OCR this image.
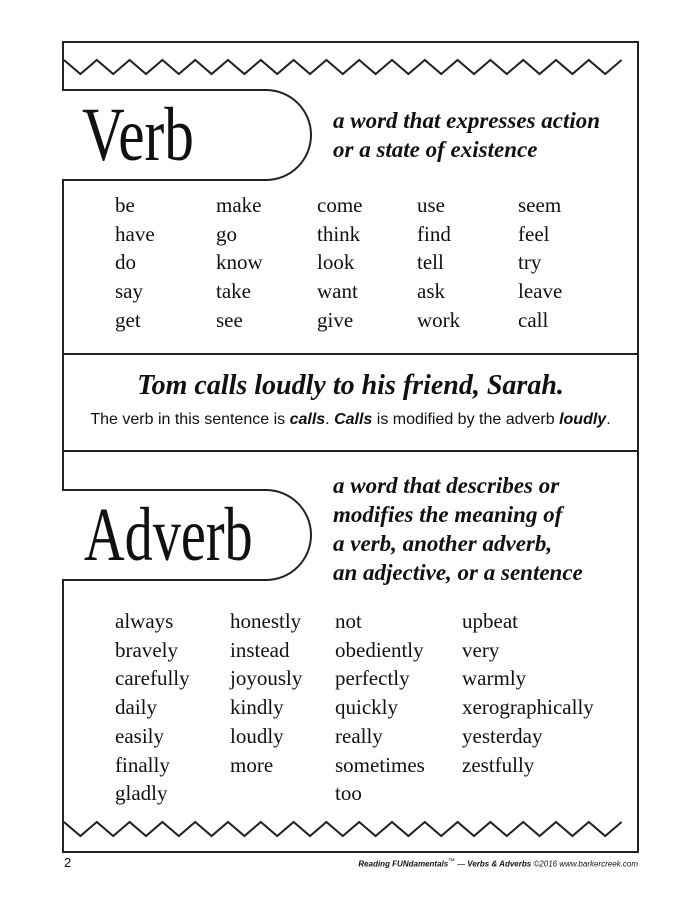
Verb	a word that expresses action
or a state of existence
be
have
do
say
get
make
go
know
take
see
come
think
look
want
give
use
find
tell
ask
work
seem
feel
try
leave
call
Tom calls loudly to his friend, Sarah.
The verb in this sentence is calls. Calls is modified by the adverb loudly.
Adverb
a word that describes or
modifies the meaning of
a verb, another adverb,
an adjective, or a sentence
always
bravely
carefully
daily
easily
finally
gladly
honestly
instead
joyously
kindly
loudly
more
not
obediently
perfectly
quickly
really
sometimes
too
upbeat
very
warmly
xerographically
yesterday
zestfully
2	Reading FUNdamentals™ — Verbs & Adverbs ©2016 www.barkercreek.com
